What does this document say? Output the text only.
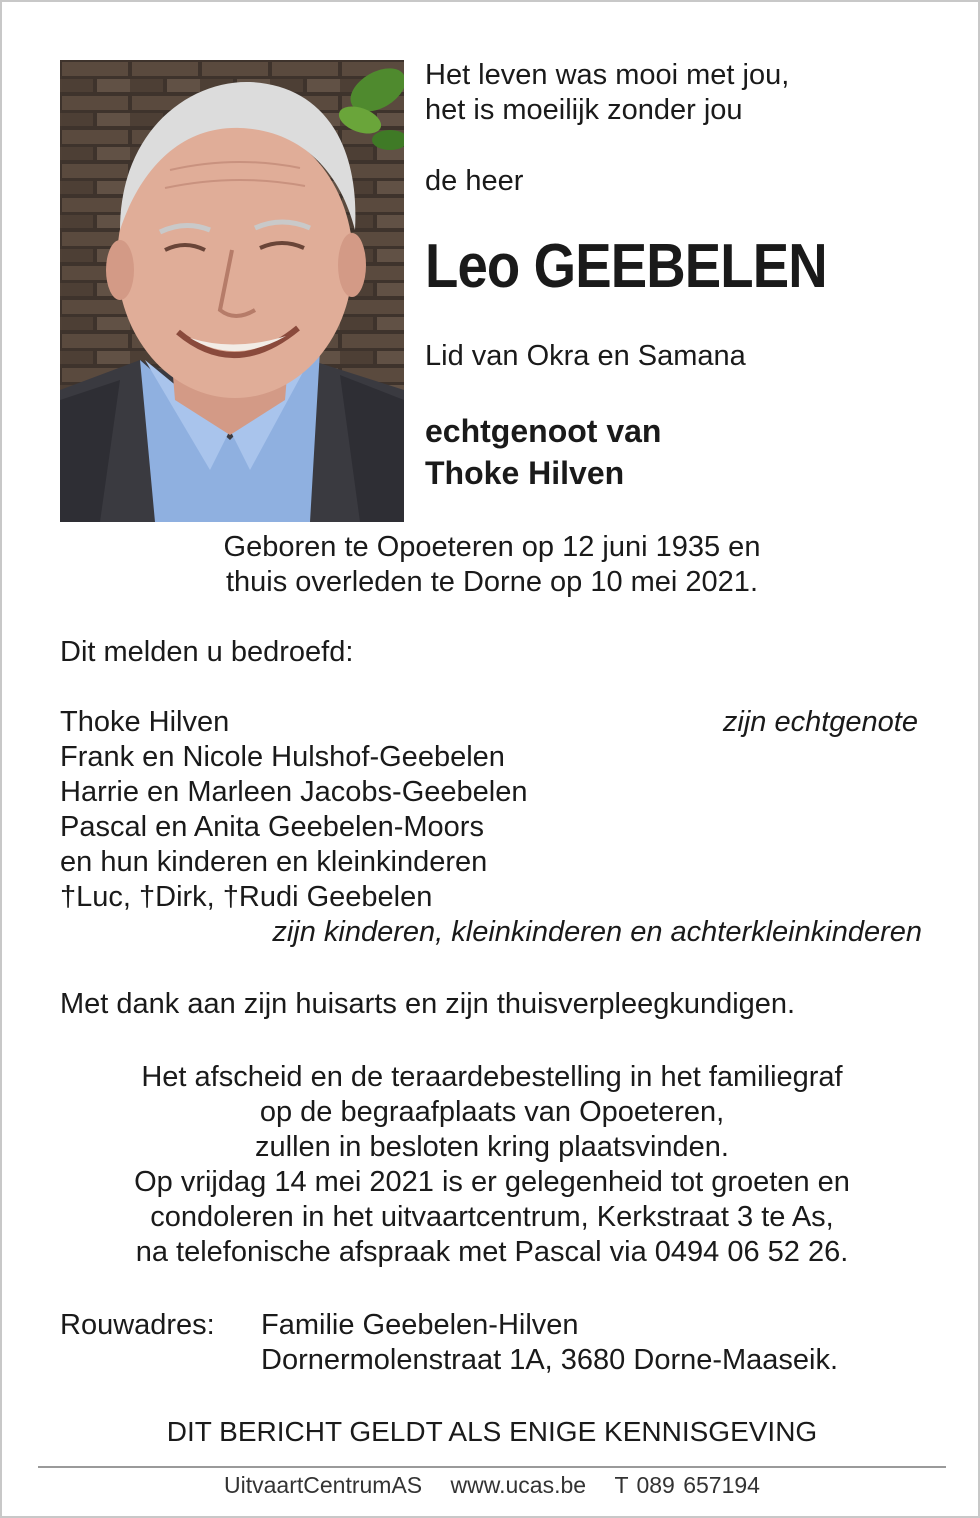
Het leven was mooi met jou,
het is moeilijk zonder jou
de heer
Leo GEEBELEN
Lid van Okra en Samana
echtgenoot van
Thoke Hilven
Geboren te Opoeteren op 12 juni 1935 en
thuis overleden te Dorne op 10 mei 2021.
Dit melden u bedroefd:
Thoke Hilven	zijn echtgenote
Frank en Nicole Hulshof-Geebelen
Harrie en Marleen Jacobs-Geebelen
Pascal en Anita Geebelen-Moors
en hun kinderen en kleinkinderen
†Luc, †Dirk, †Rudi Geebelen
zijn kinderen, kleinkinderen en achterkleinkinderen
Met dank aan zijn huisarts en zijn thuisverpleegkundigen.
Het afscheid en de teraardebestelling in het familiegraf
op de begraafplaats van Opoeteren,
zullen in besloten kring plaatsvinden.
Op vrijdag 14 mei 2021 is er gelegenheid tot groeten en
condoleren in het uitvaartcentrum, Kerkstraat 3 te As,
na telefonische afspraak met Pascal via 0494 06 52 26.
Rouwadres: Familie Geebelen-Hilven
Dornermolenstraat 1A, 3680 Dorne-Maaseik.
DIT BERICHT GELDT ALS ENIGE KENNISGEVING
UitvaartCentrumAS www.ucas.be T 089 657194
